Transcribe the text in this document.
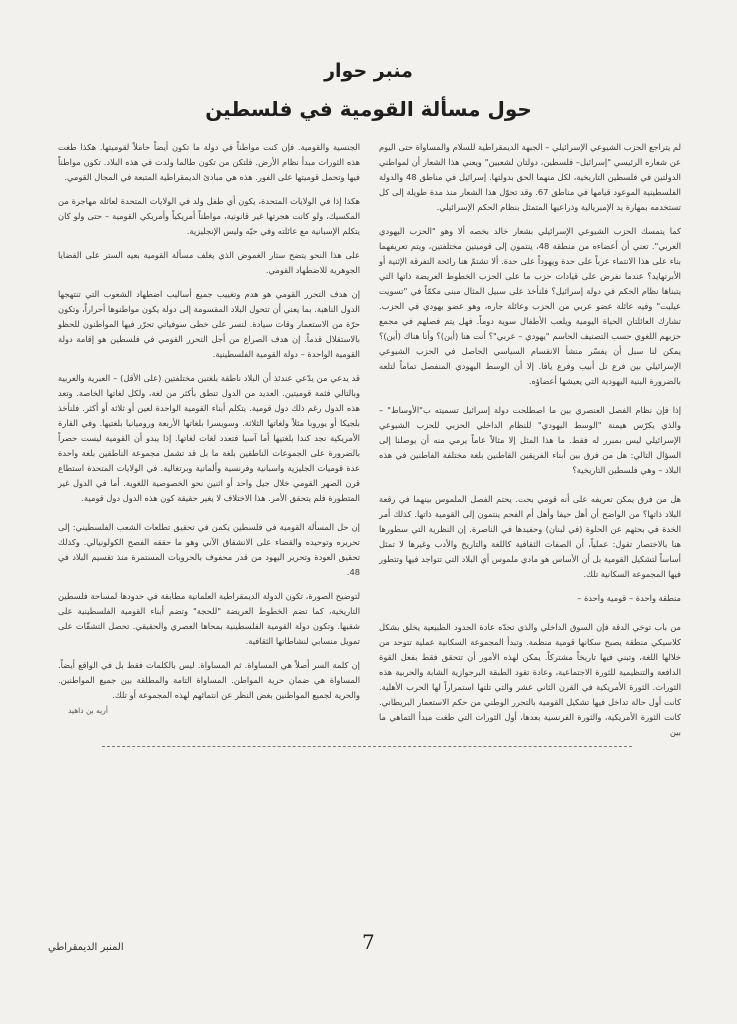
منبر حوار
حول مسألة القومية في فلسطين

لم يتراجع الحزب الشيوعي الإسرائيلي – الجبهة الديمقراطية للسلام والمساواة حتى اليوم عن شعاره الرئيسي "إسرائيل– فلسطين، دولتان لشعبين" ويعني هذا الشعار أن لمواطني الدولتين في فلسطين التاريخية، لكل منهما الحق بدولتها. إسرائيل في مناطق 48 والدولة الفلسطينية الموعود قيامها في مناطق 67. وقد تحوّل هذا الشعار منذ مدة طويلة إلى كل تستخدمه بمهارة يد الإمبريالية وذراعيها المتمثل بنظام الحكم الإسرائيلي.

كما يتمسك الحزب الشيوعي الإسرائيلي بشعار خالد بخصه ألا وهو "الحزب اليهودي العربي". تعني أن أعضاءه من منطقة 48، ينتمون إلى قوميتين مختلفتين، ويتم تعريفهما بناء على هذا الانتماء عرباً على حدة ويهوداً على حدة. ألا تشتمّ هنا رائحة التفرقة الإثنية أو الأبرتهايد؟ عندما نفرض على قيادات حزب ما على الحزب الخطوط العريضة ذاتها التي يتبناها نظام الحكم في دولة إسرائيل؟ فلنأخذ على سبيل المثال مبنى مكمّاً في "تسويت عيليت" وفيه عائلة عضو عربي من الحزب وعائلة جاره، وهو عضو يهودي في الحزب. تشارك العائلتان الحياة اليومية ويلعب الأطفال سوية دوماً. فهل يتم فصلهم في مجمع حزبهم اللغوي حسب التصنيف الحاسم "يهودي – عربي"؟ أنت هنا (أين)؟ وأنا هناك (أين)؟ يمكن لنا سبل أن يفسّر منشأ الانقسام السياسي الحاصل في الحزب الشيوعي الإسرائيلي بين فرع تل أبيب وفرع يافا. إلا أن الوسط اليهودي المنفصل تماماً لتلعه بالضرورة البنية اليهودية التي يعيشها أعضاؤه.

إذا فإن نظام الفصل العنصري بين ما اصطلحت دولة إسرائيل تسميته ب"الأوساط" – والذي يكرّس هيمنة "الوسط اليهودي" للنظام الداخلي الحزبي للحزب الشيوعي الإسرائيلي ليس بمبرر له فقط. ما هذا المثل إلا مثالاً عاماً يرمي منه أن يوصلنا إلى السؤال التالي: هل من فرق بين أبناء الفريقين القاطنين بلغة مختلفة الفاطنين في هذه البلاد – وهي فلسطين التاريخية؟

هل من فرق يمكن تعريفه على أنه قومي بحت. يحتم الفصل الملموس بينهما في رقعة البلاد ذاتها؟ من الواضح أن أهل حيفا وأهل أم الفحم ينتمون إلى القومية ذاتها. كذلك أمر الخدة في بحثهم عن الحلوة (في لبنان) وحفيدها في الناصرة. إن النظرية التي سطورها هنا بالاختصار تقول: عملياً، أن الصفات الثقافية كاللغة والتاريخ والأدب وغيرها لا تمثل أساساً لتشكيل القومية بل أن الأساس هو مادي ملموس أي البلاد التي تتواجد فيها وتتطور فيها المجموعة السكانية تلك.

منطقة واحدة – قومية واحدة –

من باب توخي الدقة فإن السوق الداخلي والذي تحدّه عادة الحدود الطبيعية يخلق بشكل كلاسيكي منطقة يصبح سكانها قومية منظمة. وتبدأ المجموعة السكانية عملية تتوحد من خلالها اللغة، وتبني فيها تاريخاً مشتركاً. يمكن لهذه الأمور أن تتحقق فقط بفعل القوة الدافعة والتنظيمية للثورة الاجتماعية، وعادة تقود الطبقة البرجوازية الشابة والحربية هذه الثورات. الثورة الأمريكية في القرن الثاني عشر والتي تلتها استمراراً لها الحرب الأهلية. كانت أول حالة تداخل فيها تشكيل القومية بالتحرر الوطني من حكم الاستعمار البريطاني. كانت الثورة الأمريكية، والثورة الفرنسية بعدها، أول الثورات التي طغت مبدأ التماهي ما بين

الجنسية والقومية. فإن كنت مواطناً في دولة ما تكون أيضاً حاملاً لقوميتها. هكذا طغت هذه الثورات مبدأ نظام الأرض. فلتكن من تكون طالما ولدت في هذه البلاد. تكون مواطناً فيها وتحمل قوميتها على الفور. هذه هي مبادئ الديمقراطية المتبعة في المجال القومي.

هكذا إذا في الولايات المتحدة، يكون أي طفل ولد في الولايات المتحدة لعائلة مهاجرة من المكسيك، ولو كانت هجرتها غير قانونية، مواطناً أمريكياً وأمريكي القومية – حتى ولو كان يتكلم الإسبانية مع عائلته وفي حيّه وليس الإنجليزية.

على هذا النحو يتضح ستار الغموض الذي يغلف مسألة القومية بعيه الستر على القضايا الجوهرية للاضطهاد القومي.

إن هدف التحرر القومي هو هدم وتغييب جميع أساليب اضطهاد الشعوب التي تنتهجها الدول الناهبة. بما يعني أن تتحول البلاد المقسومة إلى دولة يكون مواطنوها أحراراً، وتكون حرّة من الاستعمار وقات سيادة. لنسر على خطى سوفياتي تحرّر فيها المواطنون للحظو بالاستقلال قدماً. إن هدف الصراع من أجل التحرر القومي في فلسطين هو إقامة دولة القومية الواحدة – دولة القومية الفلسطينية.

قد يدعي من يدّعي عندئذ أن البلاد ناطقة بلغتين مختلفتين (على الأقل) – العبرية والعربية وبالتالي فثمة قوميتين. العديد من الدول تنطق بأكثر من لغة، ولكل لغاتها الخاصة. وتعد هذه الدول رغم ذلك دول قومية. يتكلم أبناء القومية الواحدة لعين أو ثلاثة أو أكثر. فلنأخذ بلجيكا أو يوروبا مثلاً ولغاتها الثلاثة. وسويسرا بلغاتها الأربعة وروميانيا بلغتيها. وفي القارة الأمريكية نجد كندا بلغتيها أما آسيا فتعدد لغات لغاتها. إذا يبدو أن القومية ليست حصراً بالضرورة على الجموعات الناطقين بلغة ما بل قد تشمل مجموعة الناطقين بلغة واحدة عدة قوميات الجليزية واسبانية وفرنسية وألمانية وبرتغالية. في الولايات المتحدة استطاع قرن الصهر القومي خلال جيل واحد أو اثنين نحو الخصوصية اللغوية. أما في الدول غير المتطورة فلم يتحقق الأمر. هذا الاختلاف لا يغير حقيقة كون هذه الدول دول قومية.

إن حل المسألة القومية في فلسطين يكمن في تحقيق تطلعات الشعب الفلسطيني: إلى تحريره وتوحيده والقضاء على الانشقاق الآني وهو ما حققه الفصح الكولونيالي. وكذلك تحقيق العودة وتحرير اليهود من قدر محفوف بالحروبات المستمرة منذ تقسيم البلاد في 48.

لتوضيح الصورة، تكون الدولة الديمقراطية العلمانية مطابقة في حدودها لمساحة فلسطين التاريخية، كما تضم الخطوط العريضة "للحجة" وتضم أبناء القومية الفلسطينية على شقيها. وتكون دولة القومية الفلسطينية بمحاها العصري والحقيقي. تحصل التشقّات على تمويل منسابي لنشاطاتها الثقافية.

إن كلمة السر أصلاً هي المساواة. ثم المساواة. ليس بالكلمات فقط بل في الواقع أيضاً. المساواة هي ضمان حرية المواطن. المساواة التامة والمطلقة بين جميع المواطنين. والحرية لجميع المواطنين بغض النظر عن انتمائهم لهذه المجموعة أو تلك.

أريه بن داهيد
7
المنبر الديمقراطي
